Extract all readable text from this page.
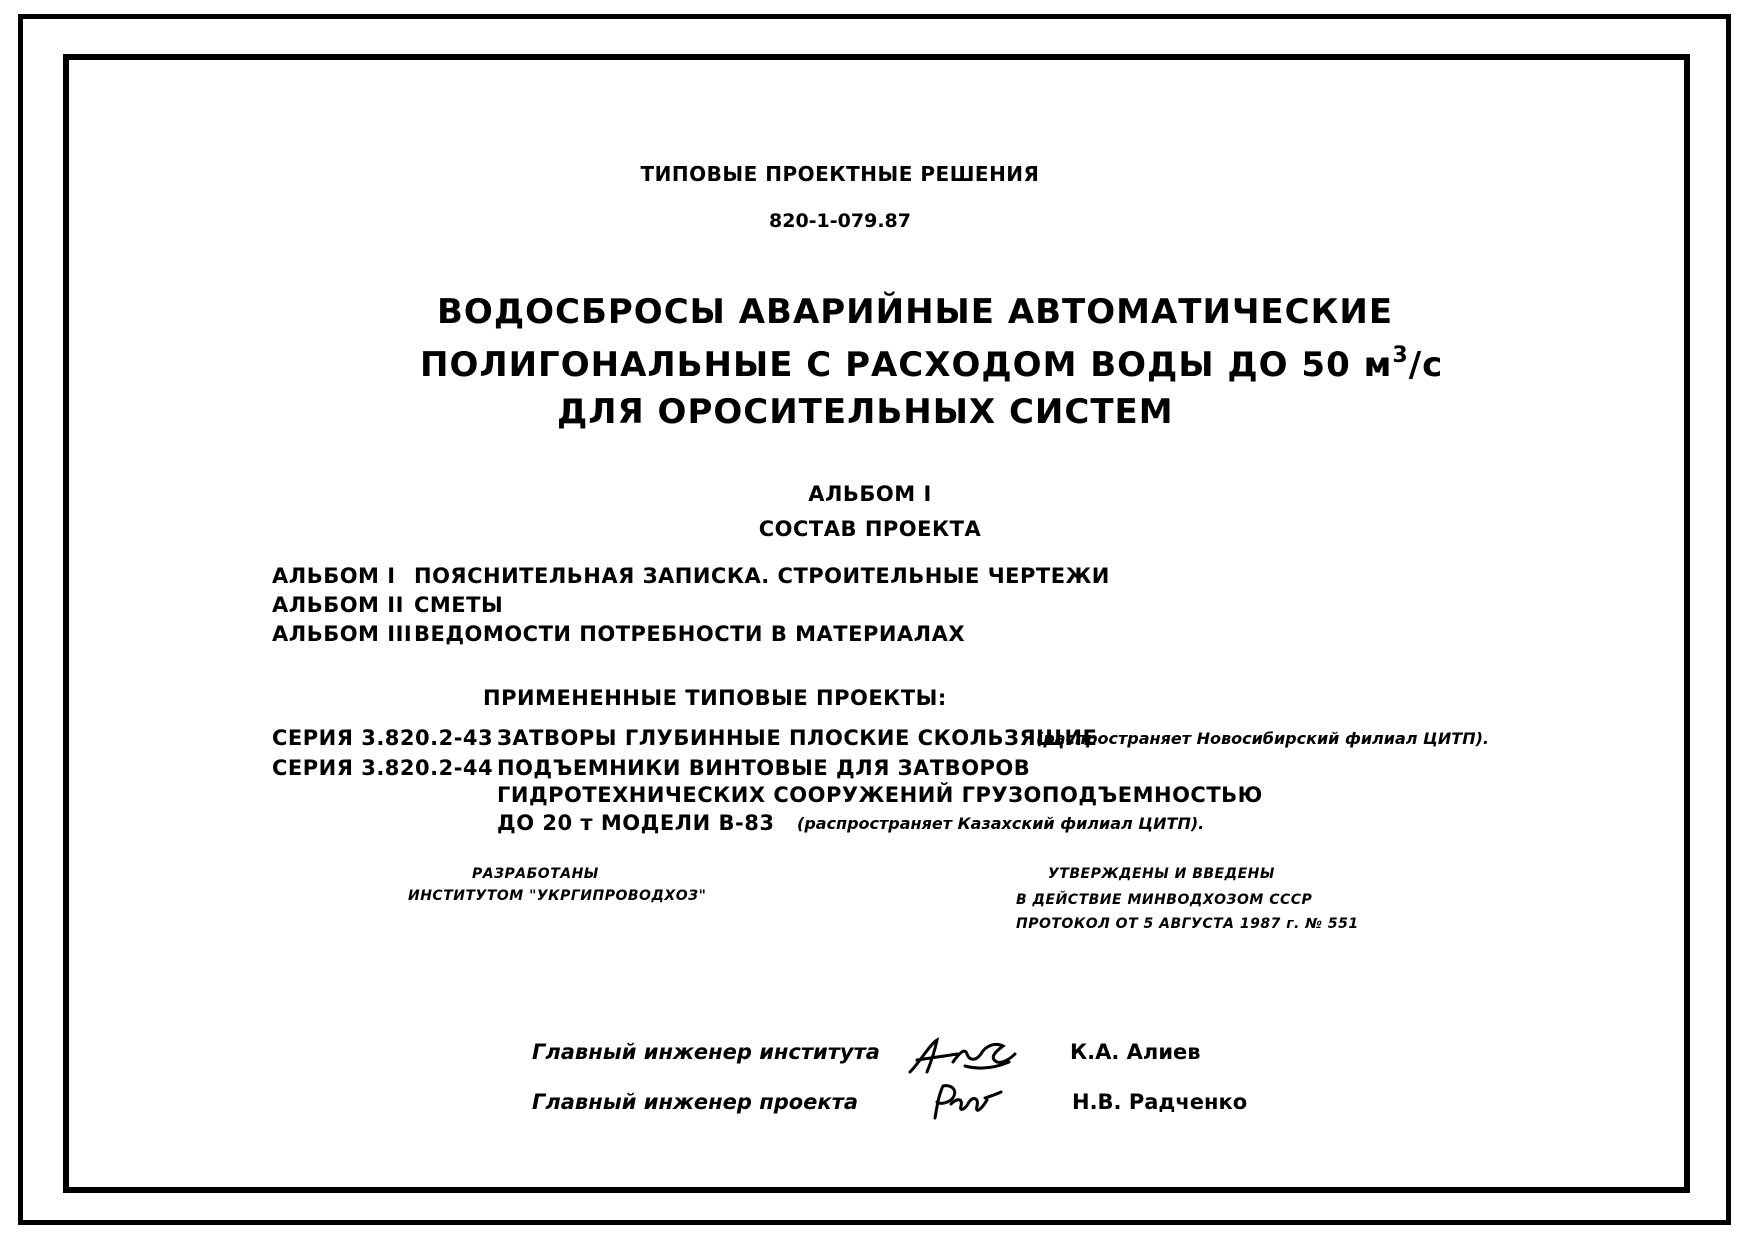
ТИПОВЫЕ ПРОЕКТНЫЕ РЕШЕНИЯ
820-1-079.87
ВОДОСБРОСЫ АВАРИЙНЫЕ АВТОМАТИЧЕСКИЕ
ПОЛИГОНАЛЬНЫЕ С РАСХОДОМ ВОДЫ ДО 50 $м^3/с$
ДЛЯ ОРОСИТЕЛЬНЫХ СИСТЕМ
АЛЬБОМ I
СОСТАВ ПРОЕКТА
АЛЬБОМ I ПОЯСНИТЕЛЬНАЯ ЗАПИСКА. СТРОИТЕЛЬНЫЕ ЧЕРТЕЖИ
АЛЬБОМ II СМЕТЫ
АЛЬБОМ III ВЕДОМОСТИ ПОТРЕБНОСТИ В МАТЕРИАЛАХ
ПРИМЕНЕННЫЕ ТИПОВЫЕ ПРОЕКТЫ:
СЕРИЯ 3.820.2-43 ЗАТВОРЫ ГЛУБИННЫЕ ПЛОСКИЕ СКОЛЬЗЯЩИЕ
(распространяет Новосибирский филиал ЦИТП).
СЕРИЯ 3.820.2-44 ПОДЪЕМНИКИ ВИНТОВЫЕ ДЛЯ ЗАТВОРОВ
ГИДРОТЕХНИЧЕСКИХ СООРУЖЕНИЙ ГРУЗОПОДЪЕМНОСТЬЮ
ДО 20 т МОДЕЛИ В-83 (распространяет Казахский филиал ЦИТП).
РАЗРАБОТАНЫ
ИНСТИТУТОМ "УКРГИПРОВОДХОЗ"
УТВЕРЖДЕНЫ И ВВЕДЕНЫ
В ДЕЙСТВИЕ МИНВОДХОЗОМ СССР
ПРОТОКОЛ ОТ 5 АВГУСТА 1987 г. № 551
Главный инженер института	К.А. Алиев
Главный инженер проекта	Н.В. Радченко
